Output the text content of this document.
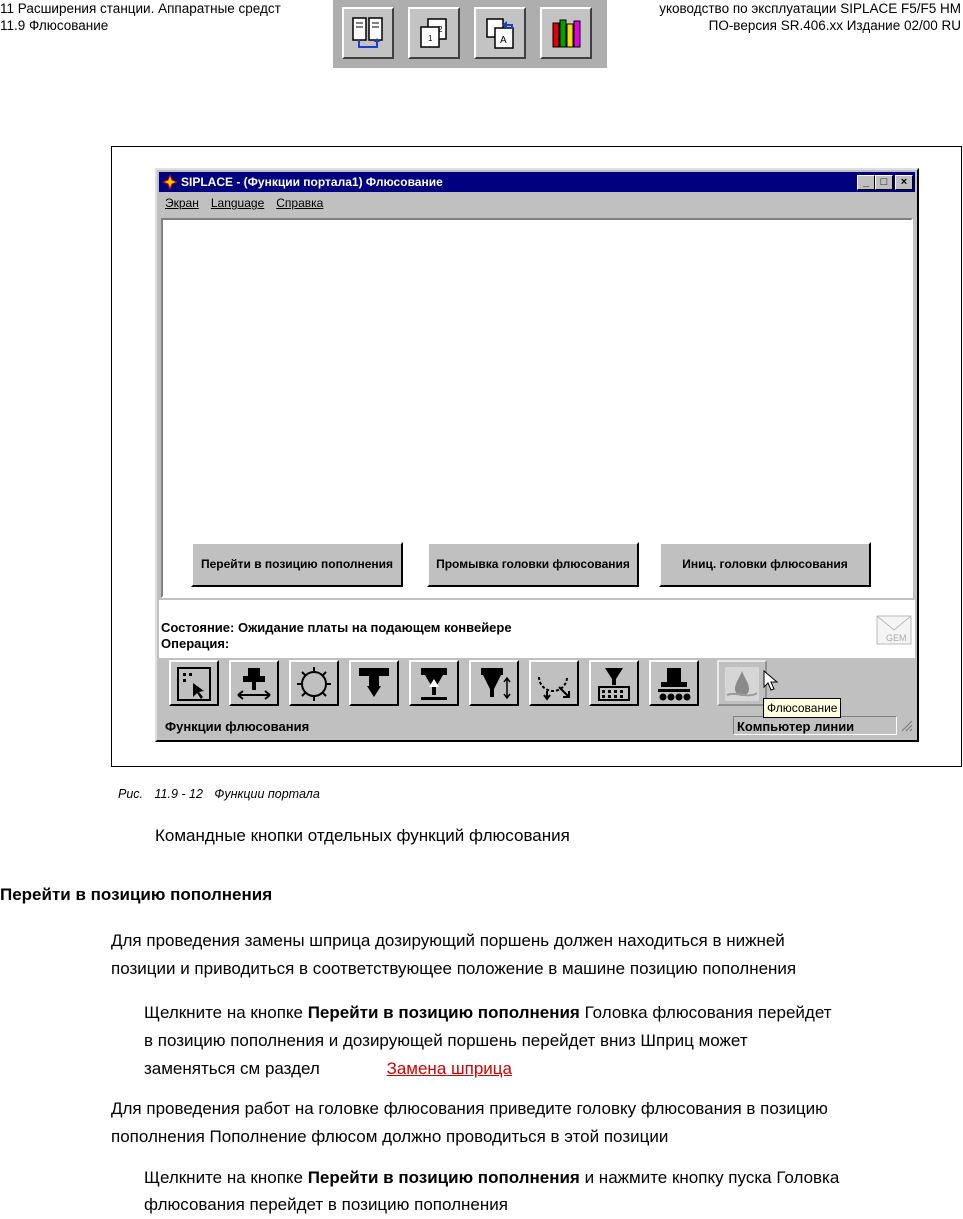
11 Расширения станции. Аппаратные средст
11.9 Флюсование
уководство по эксплуатации SIPLACE F5/F5 HM
ПО-версия SR.406.xx Издание 02/00 RU
2
1	A
SIPLACE - (Функции портала1) Флюсование	_	□	×
Экран Language Справка
Перейти в позицию пополнения	Промывка головки флюсования	Иниц. головки флюсования
Состояние: Ожидание платы на подающем конвейере
Операция:	GEM
Функции флюсования	Компьютер линии
Флюсование
Рис. 11.9 - 12 Функции портала
Командные кнопки отдельных функций флюсования
Перейти в позицию пополнения
Для проведения замены шприца дозирующий поршень должен находиться в нижней
позиции и приводиться в соответствующее положение в машине позицию пополнения
Щелкните на кнопке Перейти в позицию пополнения Головка флюсования перейдет
в позицию пополнения и дозирующей поршень перейдет вниз Шприц может
заменяться см раздел	Замена шприца
Для проведения работ на головке флюсования приведите головку флюсования в позицию
пополнения Пополнение флюсом должно проводиться в этой позиции
Щелкните на кнопке Перейти в позицию пополнения и нажмите кнопку пуска Головка
флюсования перейдет в позицию пополнения
